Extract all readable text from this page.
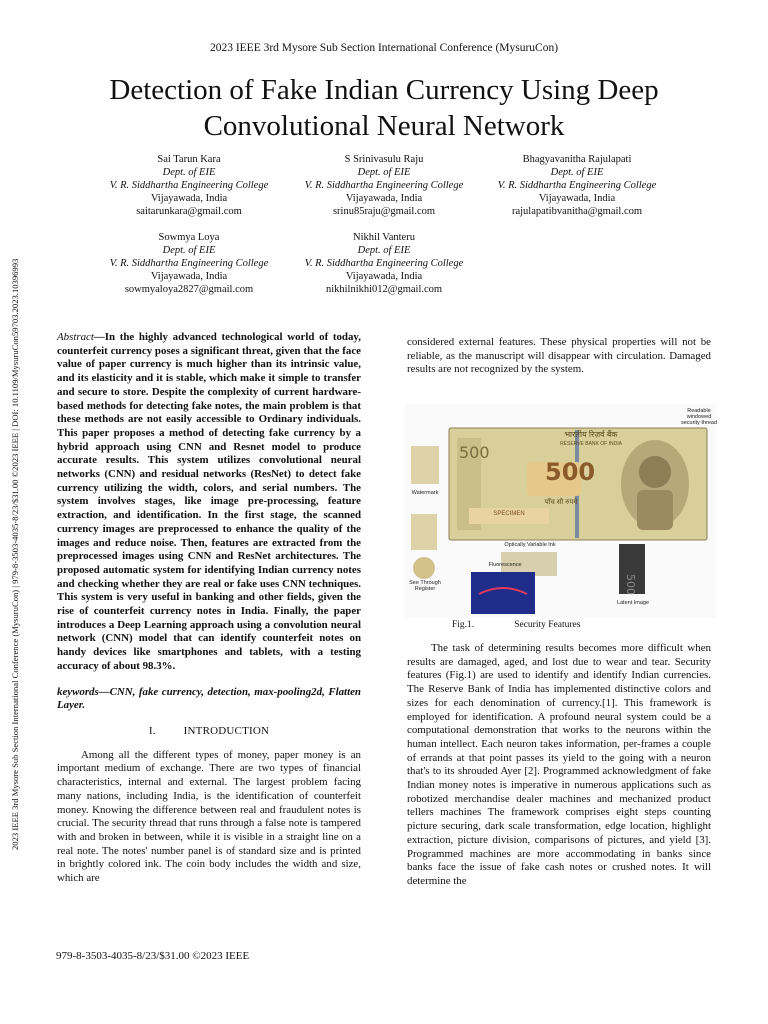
2023 IEEE 3rd Mysore Sub Section International Conference (MysuruCon)
Detection of Fake Indian Currency Using Deep Convolutional Neural Network
2023 IEEE 3rd Mysore Sub Section International Conference (MysuruCon) | 979-8-3503-4035-8/23/$31.00 ©2023 IEEE | DOI: 10.1109/MysuruCon59703.2023.10396993
Sai Tarun Kara
Dept. of EIE
V. R. Siddhartha Engineering College
Vijayawada, India
saitarunkara@gmail.com
S Srinivasulu Raju
Dept. of EIE
V. R. Siddhartha Engineering College
Vijayawada, India
srinu85raju@gmail.com
Bhagyavanitha Rajulapati
Dept. of EIE
V. R. Siddhartha Engineering College
Vijayawada, India
rajulapatibvanitha@gmail.com
Sowmya Loya
Dept. of EIE
V. R. Siddhartha Engineering College
Vijayawada, India
sowmyaloya2827@gmail.com
Nikhil Vanteru
Dept. of EIE
V. R. Siddhartha Engineering College
Vijayawada, India
nikhilnikhi012@gmail.com

Abstract—In the highly advanced technological world of today, counterfeit currency poses a significant threat, given that the face value of paper currency is much higher than its intrinsic value, and its elasticity and it is stable, which make it simple to transfer and secure to store. Despite the complexity of current hardware-based methods for detecting fake notes, the main problem is that these methods are not easily accessible to Ordinary individuals. This paper proposes a method of detecting fake currency by a hybrid approach using CNN and Resnet model to produce accurate results. This system utilizes convolutional neural networks (CNN) and residual networks (ResNet) to detect fake currency utilizing the width, colors, and serial numbers. The system involves stages, like image pre-processing, feature extraction, and identification. In the first stage, the scanned currency images are preprocessed to enhance the quality of the images and reduce noise. Then, features are extracted from the preprocessed images using CNN and ResNet architectures. The proposed automatic system for identifying Indian currency notes and checking whether they are real or fake uses CNN techniques. This system is very useful in banking and other fields, given the rise of counterfeit currency notes in India. Finally, the paper introduces a Deep Learning approach using a convolution neural network (CNN) model that can identify counterfeit notes on handy devices like smartphones and tablets, with a testing accuracy of about 98.3%.

keywords—CNN, fake currency, detection, max-pooling2d, Flatten Layer.

I.	INTRODUCTION

Among all the different types of money, paper money is an important medium of exchange. There are two types of financial characteristics, internal and external. The largest problem facing many nations, including India, is the identification of counterfeit money. Knowing the difference between real and fraudulent notes is crucial. The security thread that runs through a false note is tampered with and broken in between, while it is visible in a straight line on a real note. The notes' number panel is of standard size and is printed in brightly colored ink. The coin body includes the width and size, which are

considered external features. These physical properties will not be reliable, as the manuscript will disappear with circulation. Damaged results are not recognized by the system.

500
500
500
Readable windowed security thread
Watermark
Optically Variable Ink
Fluorescence
See Through Register
Latent Image
भारतीय रिज़र्व बैंक
RESERVE BANK OF INDIA
SPECIMEN
पाँच सौ रुपये
Fig.1.	Security Features

The task of determining results becomes more difficult when results are damaged, aged, and lost due to wear and tear. Security features (Fig.1) are used to identify and identify Indian currencies. The Reserve Bank of India has implemented distinctive colors and sizes for each denomination of currency.[1]. This framework is employed for identification. A profound neural system could be a computational demonstration that works to the neurons within the human intellect. Each neuron takes information, per-frames a couple of errands at that point passes its yield to the going with a neuron that's to its shrouded Ayer [2]. Programmed acknowledgment of fake Indian money notes is imperative in numerous applications such as robotized merchandise dealer machines and mechanized product tellers machines The framework comprises eight steps counting picture securing, dark scale transformation, edge location, highlight extraction, picture division, comparisons of pictures, and yield [3]. Programmed machines are more accommodating in banks since banks face the issue of fake cash notes or crushed notes. It will determine the

979-8-3503-4035-8/23/$31.00 ©2023 IEEE
